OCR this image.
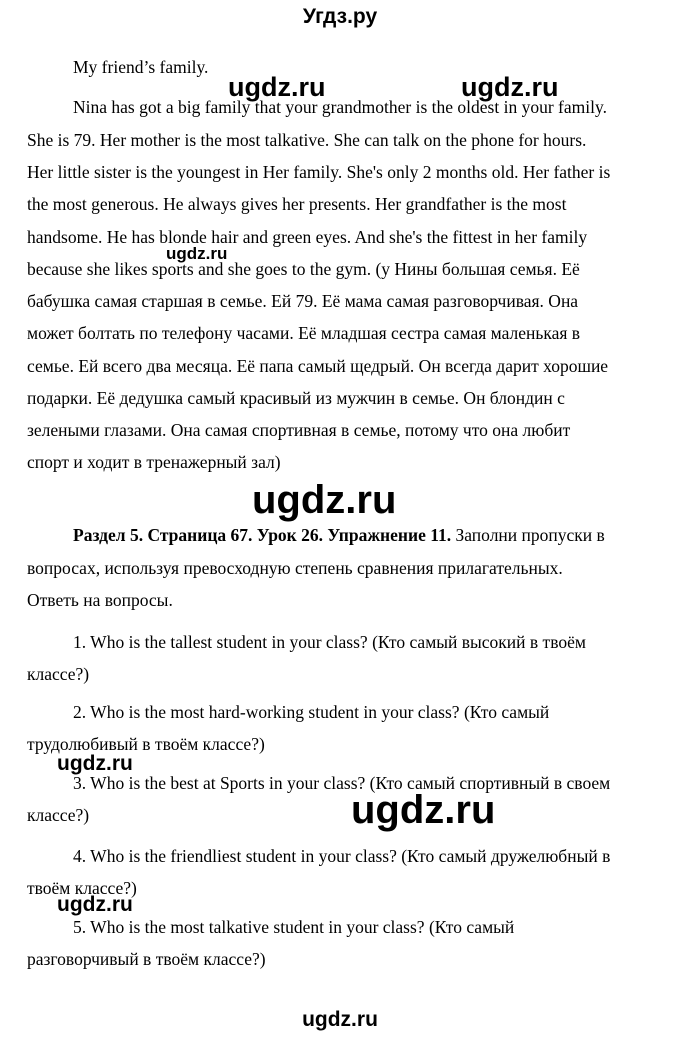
Угдз.ру
My friend’s family.
Nina has got a big family that your grandmother is the oldest in your family.
She is 79. Her mother is the most talkative. She can talk on the phone for hours.
Her little sister is the youngest in Her family. She's only 2 months old. Her father is
the most generous. He always gives her presents. Her grandfather is the most
handsome. He has blonde hair and green eyes. And she's the fittest in her family
because she likes sports and she goes to the gym. (у Нины большая семья. Её
бабушка самая старшая в семье. Ей 79. Её мама самая разговорчивая. Она
может болтать по телефону часами. Её младшая сестра самая маленькая в
семье. Ей всего два месяца. Её папа самый щедрый. Он всегда дарит хорошие
подарки. Её дедушка самый красивый из мужчин в семье. Он блондин с
зелеными глазами. Она самая спортивная в семье, потому что она любит
спорт и ходит в тренажерный зал)
Раздел 5. Страница 67. Урок 26. Упражнение 11. Заполни пропуски в
вопросах, используя превосходную степень сравнения прилагательных.
Ответь на вопросы.
1. Who is the tallest student in your class? (Кто самый высокий в твоём
классе?)
2. Who is the most hard-working student in your class? (Кто самый
трудолюбивый в твоём классе?)
3. Who is the best at Sports in your class? (Кто самый спортивный в своем
классе?)
4. Who is the friendliest student in your class? (Кто самый дружелюбный в
твоём классе?)
5. Who is the most talkative student in your class? (Кто самый
разговорчивый в твоём классе?)
ugdz.ru	ugdz.ru
ugdz.ru
ugdz.ru
ugdz.ru
ugdz.ru
ugdz.ru
ugdz.ru
